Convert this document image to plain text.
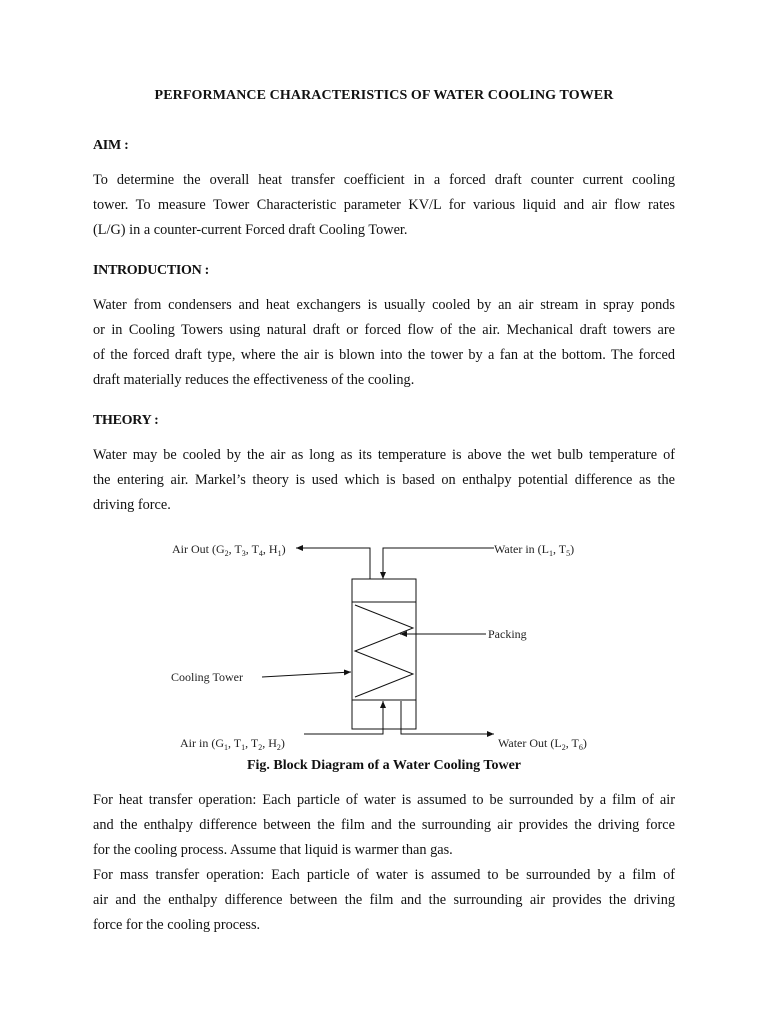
PERFORMANCE CHARACTERISTICS OF WATER COOLING TOWER
AIM :
To determine the overall heat transfer coefficient in a forced draft counter current cooling
tower. To measure Tower Characteristic parameter KV/L for various liquid and air flow rates
(L/G) in a counter-current Forced draft Cooling Tower.
INTRODUCTION :
Water from condensers and heat exchangers is usually cooled by an air stream in spray ponds
or in Cooling Towers using natural draft or forced flow of the air. Mechanical draft towers are
of the forced draft type, where the air is blown into the tower by a fan at the bottom. The forced
draft materially reduces the effectiveness of the cooling.
THEORY :
Water may be cooled by the air as long as its temperature is above the wet bulb temperature of
the entering air. Markel’s theory is used which is based on enthalpy potential difference as the
driving force.
Air Out ($G_2$, $T_3$, $T_4$, $H_1$)	Water in ($L_1$, $T_5$)
Packing
Cooling Tower
Air in ($G_1$, $T_1$, $T_2$, $H_2$)	Water Out ($L_2$, $T_6$)
Fig. Block Diagram of a Water Cooling Tower
For heat transfer operation: Each particle of water is assumed to be surrounded by a film of air
and the enthalpy difference between the film and the surrounding air provides the driving force
for the cooling process. Assume that liquid is warmer than gas.
For mass transfer operation: Each particle of water is assumed to be surrounded by a film of
air and the enthalpy difference between the film and the surrounding air provides the driving
force for the cooling process.
